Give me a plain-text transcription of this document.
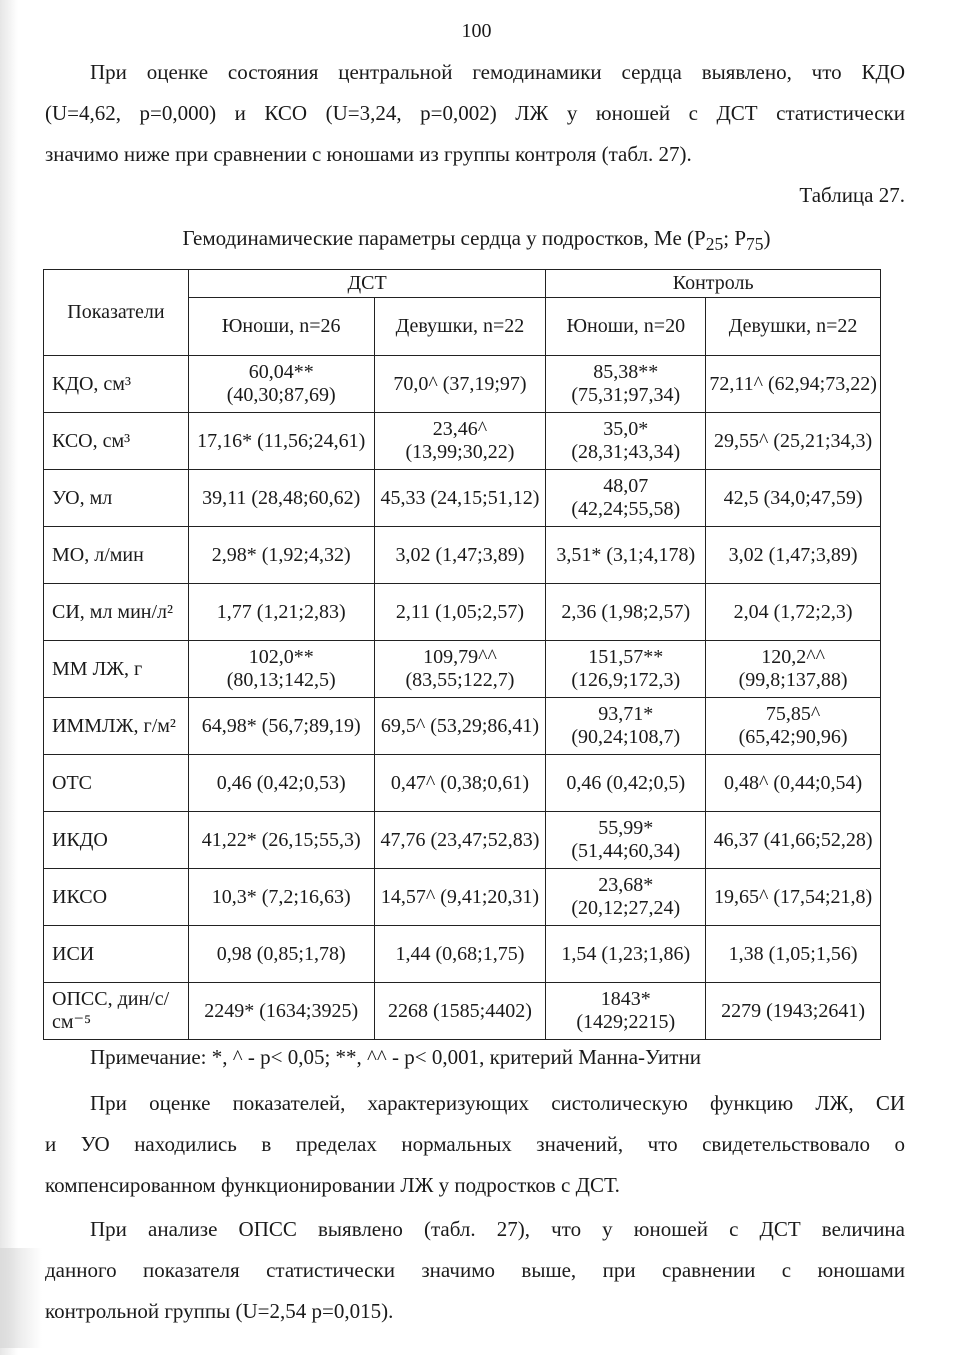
100
При оценке состояния центральной гемодинамики сердца выявлено, что КДО
(U=4,62, p=0,000) и КСО (U=3,24, p=0,002) ЛЖ у юношей с ДСТ статистически
значимо ниже при сравнении с юношами из группы контроля (табл. 27).
Таблица 27.
Гемодинамические параметры сердца у подростков, Me ($P_{25}$; $P_{75}$)
Показатели	ДСТ		Контроль	
	Юноши, n=26	Девушки, n=22	Юноши, n=20	Девушки, n=22
КДО, см³	60,04** (40,30;87,69)	70,0^ (37,19;97)	85,38** (75,31;97,34)	72,11^ (62,94;73,22)
КСО, см³	17,16* (11,56;24,61)	23,46^ (13,99;30,22)	35,0* (28,31;43,34)	29,55^ (25,21;34,3)
УО, мл	39,11 (28,48;60,62)	45,33 (24,15;51,12)	48,07 (42,24;55,58)	42,5 (34,0;47,59)
МО, л/мин	2,98* (1,92;4,32)	3,02 (1,47;3,89)	3,51* (3,1;4,178)	3,02 (1,47;3,89)
СИ, мл мин/л²	1,77 (1,21;2,83)	2,11 (1,05;2,57)	2,36 (1,98;2,57)	2,04 (1,72;2,3)
ММ ЛЖ, г	102,0** (80,13;142,5)	109,79^^ (83,55;122,7)	151,57** (126,9;172,3)	120,2^^ (99,8;137,88)
ИММЛЖ, г/м²	64,98* (56,7;89,19)	69,5^ (53,29;86,41)	93,71* (90,24;108,7)	75,85^ (65,42;90,96)
ОТС	0,46 (0,42;0,53)	0,47^ (0,38;0,61)	0,46 (0,42;0,5)	0,48^ (0,44;0,54)
ИКДО	41,22* (26,15;55,3)	47,76 (23,47;52,83)	55,99* (51,44;60,34)	46,37 (41,66;52,28)
ИКСО	10,3* (7,2;16,63)	14,57^ (9,41;20,31)	23,68* (20,12;27,24)	19,65^ (17,54;21,8)
ИСИ	0,98 (0,85;1,78)	1,44 (0,68;1,75)	1,54 (1,23;1,86)	1,38 (1,05;1,56)
ОПСС, дин/с/см⁻⁵	2249* (1634;3925)	2268 (1585;4402)	1843* (1429;2215)	2279 (1943;2641)
Примечание: *, ^ - p< 0,05; **, ^^ - p< 0,001, критерий Манна-Уитни
При оценке показателей, характеризующих систолическую функцию ЛЖ, СИ
и УО находились в пределах нормальных значений, что свидетельствовало о
компенсированном функционировании ЛЖ у подростков с ДСТ.
При анализе ОПСС выявлено (табл. 27), что у юношей с ДСТ величина
данного показателя статистически значимо выше, при сравнении с юношами
контрольной группы (U=2,54 p=0,015).
